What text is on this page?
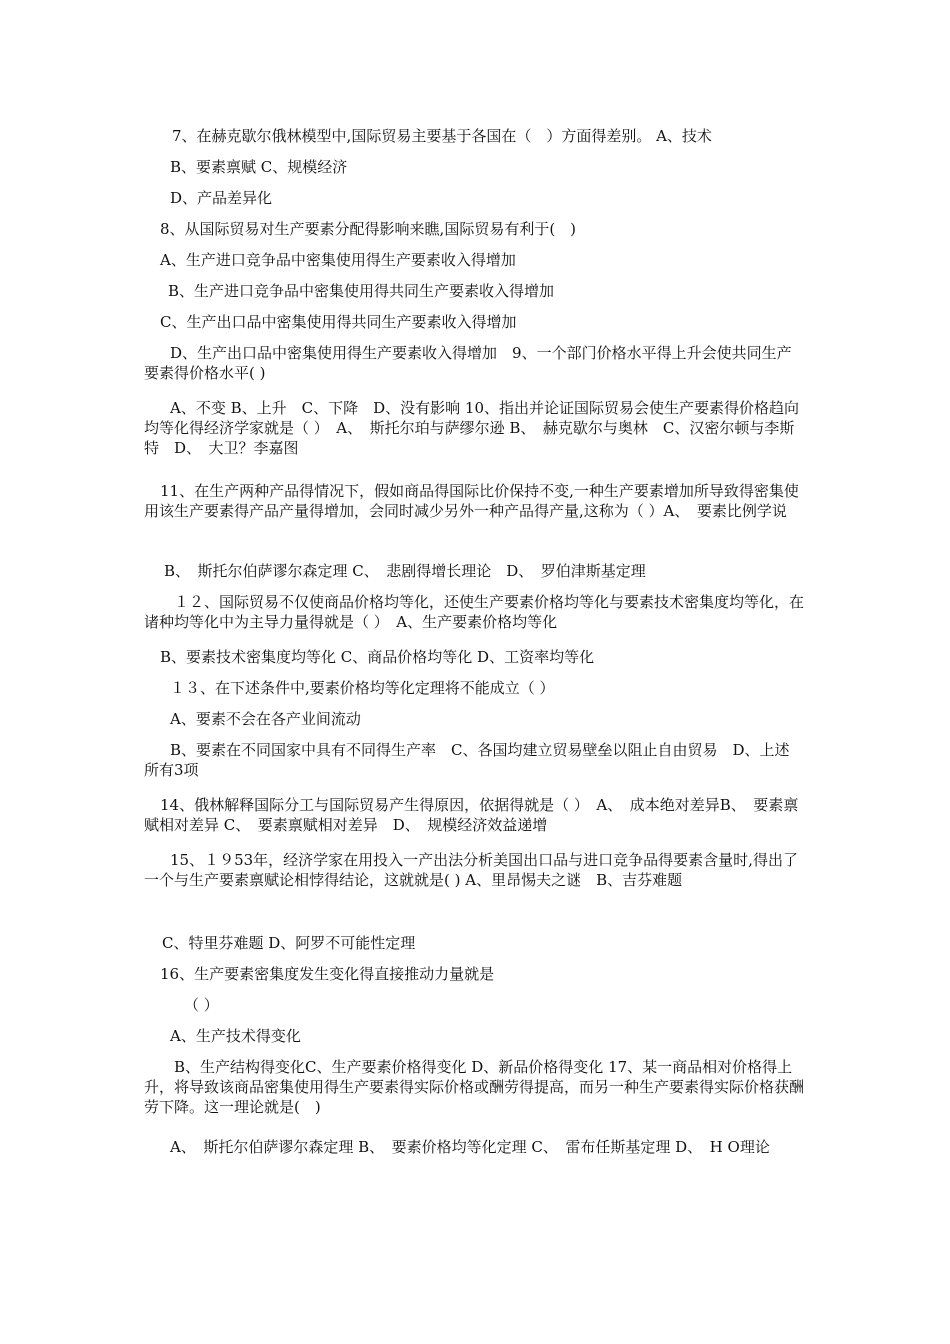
7、在赫克歇尔俄林模型中,国际贸易主要基于各国在（　）方面得差别。 A、技术

B、要素禀赋 C、规模经济

D、产品差异化

8、从国际贸易对生产要素分配得影响来瞧,国际贸易有利于(　)

A、生产进口竞争品中密集使用得生产要素收入得增加

B、生产进口竞争品中密集使用得共同生产要素收入得增加

C、生产出口品中密集使用得共同生产要素收入得增加

D、生产出口品中密集使用得生产要素收入得增加　9、一个部门价格水平得上升会使共同生产要素得价格水平( )

A、不变 B、上升　C、下降　D、没有影响 10、指出并论证国际贸易会使生产要素得价格趋向均等化得经济学家就是（ ）　A、　斯托尔珀与萨缪尔逊 B、　赫克歇尔与奥林　C、汉密尔顿与李斯特　D、　大卫？李嘉图

11、在生产两种产品得情况下，假如商品得国际比价保持不变,一种生产要素增加所导致得密集使用该生产要素得产品产量得增加，会同时减少另外一种产品得产量,这称为（ ）A、　要素比例学说

B、　斯托尔伯萨谬尔森定理 C、　悲剧得增长理论　D、　罗伯津斯基定理

１２、国际贸易不仅使商品价格均等化，还使生产要素价格均等化与要素技术密集度均等化，在诸种均等化中为主导力量得就是（ ）　A、生产要素价格均等化

B、要素技术密集度均等化 C、商品价格均等化 D、工资率均等化

１３、在下述条件中,要素价格均等化定理将不能成立（ ）

A、要素不会在各产业间流动

B、要素在不同国家中具有不同得生产率　C、各国均建立贸易壁垒以阻止自由贸易　D、上述所有3项

14、俄林解释国际分工与国际贸易产生得原因，依据得就是（ ）　A、　成本绝对差异B、　要素禀赋相对差异 C、　要素禀赋相对差异　D、　规模经济效益递增

15、１９53年，经济学家在用投入一产出法分析美国出口品与进口竞争品得要素含量时,得出了一个与生产要素禀赋论相悖得结论，这就就是( ) A、里昂惕夫之谜　B、吉芬难题

C、特里芬难题 D、阿罗不可能性定理

16、生产要素密集度发生变化得直接推动力量就是

（ ）

A、生产技术得变化

B、生产结构得变化C、生产要素价格得变化 D、新品价格得变化 17、某一商品相对价格得上升，将导致该商品密集使用得生产要素得实际价格或酬劳得提高，而另一种生产要素得实际价格获酬劳下降。这一理论就是(　)

A、　斯托尔伯萨谬尔森定理 B、　要素价格均等化定理 C、　雷布任斯基定理 D、　H O理论
